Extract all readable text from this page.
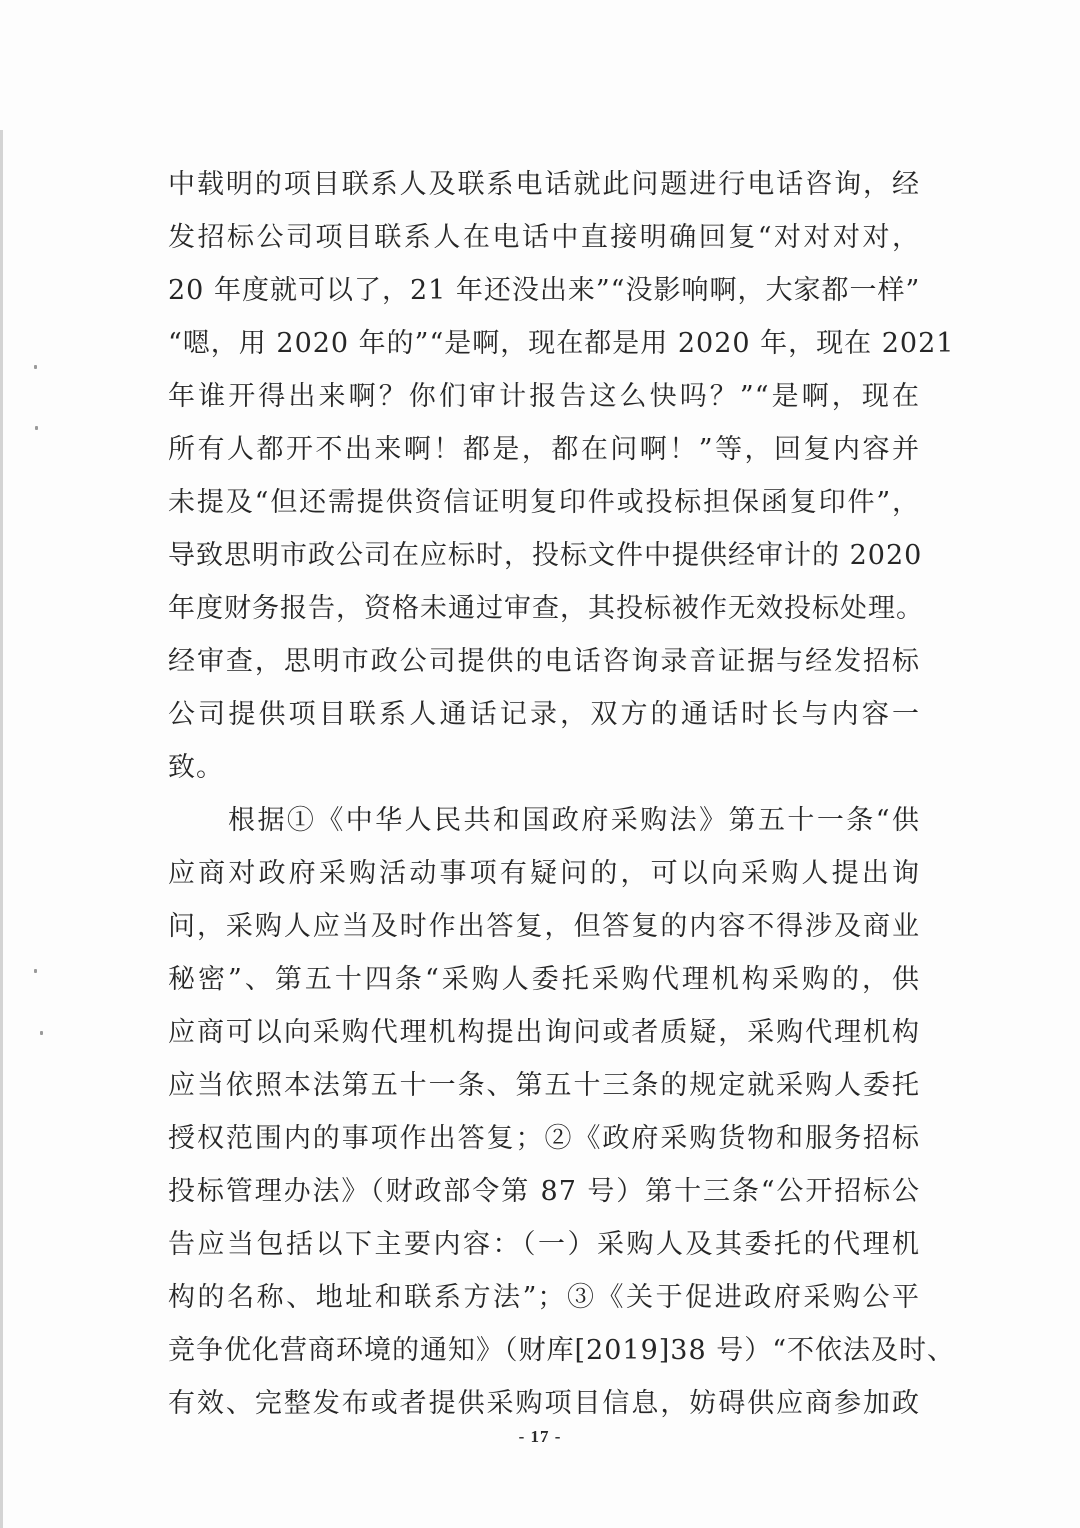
中载明的项目联系人及联系电话就此问题进行电话咨询，经
发招标公司项目联系人在电话中直接明确回复“对对对对，
20 年度就可以了，21 年还没出来”“没影响啊，大家都一样”
“嗯，用 2020 年的”“是啊，现在都是用 2020 年，现在 2021
年谁开得出来啊？你们审计报告这么快吗？”“是啊，现在
所有人都开不出来啊！都是，都在问啊！”等，回复内容并
未提及“但还需提供资信证明复印件或投标担保函复印件”，
导致思明市政公司在应标时，投标文件中提供经审计的 2020
年度财务报告，资格未通过审查，其投标被作无效投标处理。
经审查，思明市政公司提供的电话咨询录音证据与经发招标
公司提供项目联系人通话记录，双方的通话时长与内容一
致。
根据①《中华人民共和国政府采购法》第五十一条“供
应商对政府采购活动事项有疑问的，可以向采购人提出询
问，采购人应当及时作出答复，但答复的内容不得涉及商业
秘密”、第五十四条“采购人委托采购代理机构采购的，供
应商可以向采购代理机构提出询问或者质疑，采购代理机构
应当依照本法第五十一条、第五十三条的规定就采购人委托
授权范围内的事项作出答复；②《政府采购货物和服务招标
投标管理办法》（财政部令第 87 号）第十三条“公开招标公
告应当包括以下主要内容：（一）采购人及其委托的代理机
构的名称、地址和联系方法”；③《关于促进政府采购公平
竞争优化营商环境的通知》（财库[2019]38 号）“不依法及时、
有效、完整发布或者提供采购项目信息，妨碍供应商参加政
- 17 -
